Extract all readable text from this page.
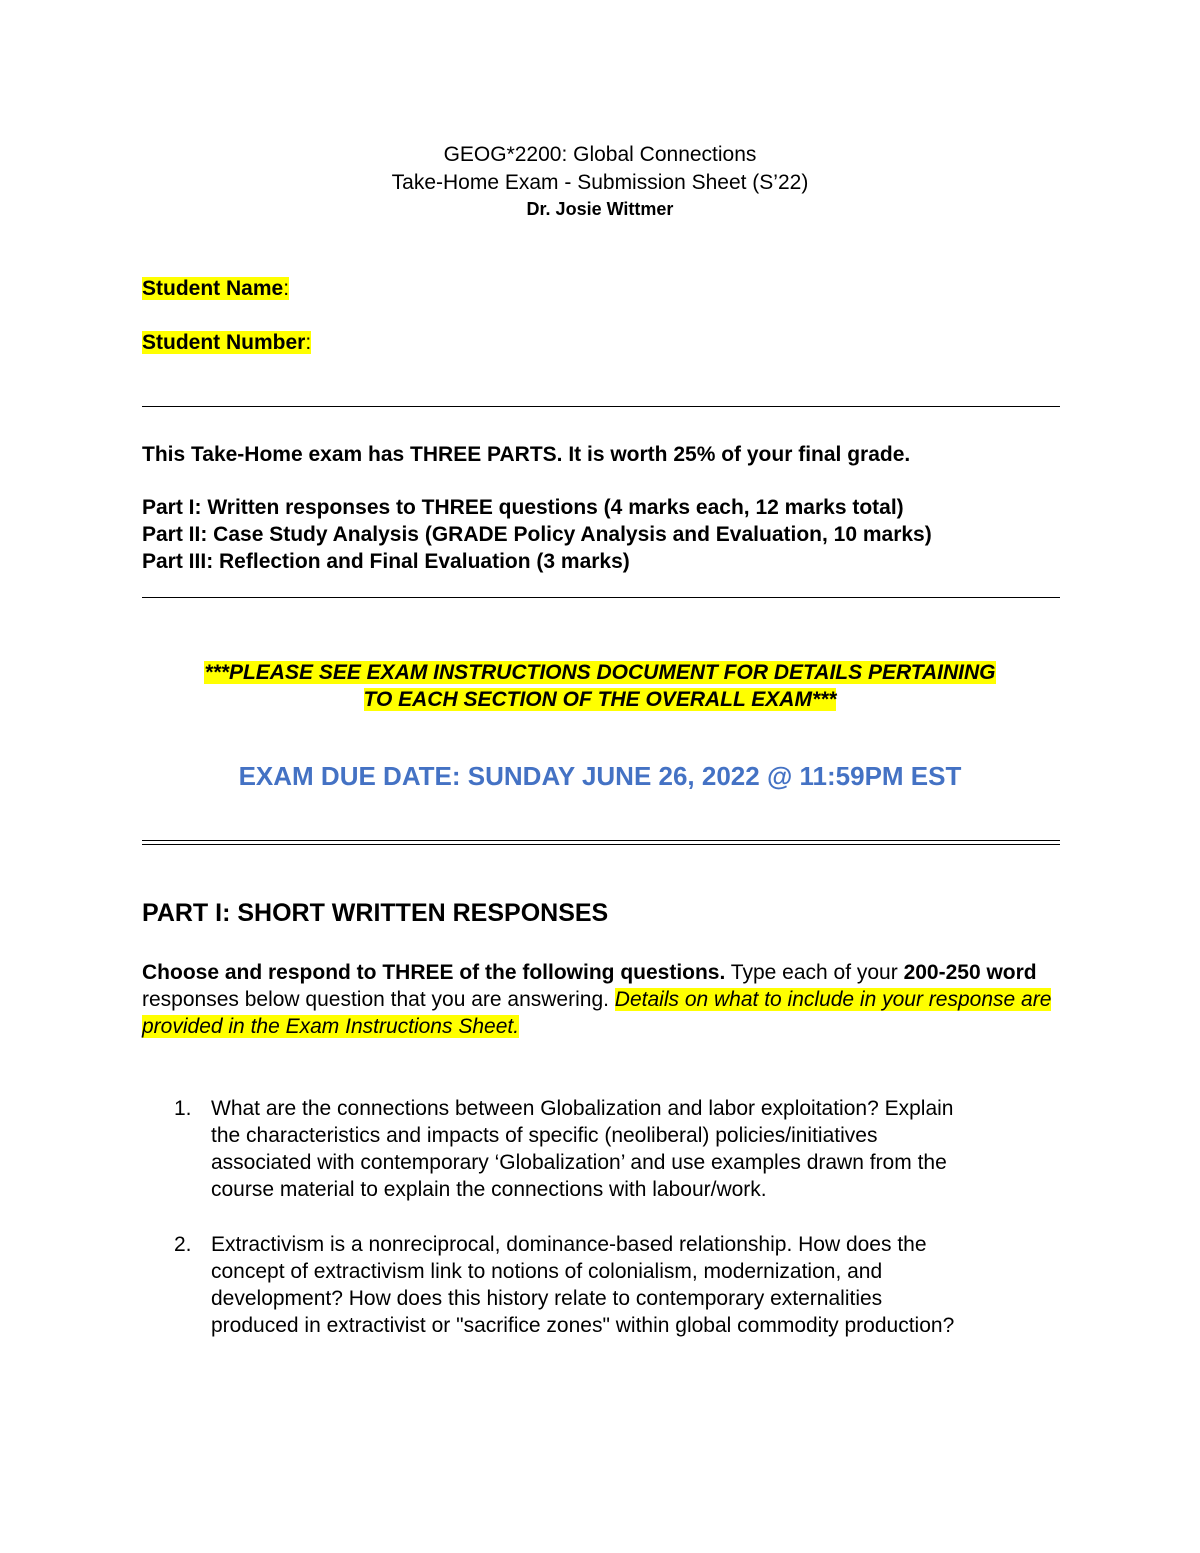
GEOG*2200: Global Connections
Take-Home Exam - Submission Sheet (S’22)
Dr. Josie Wittmer
Student Name:
Student Number:
This Take-Home exam has THREE PARTS. It is worth 25% of your final grade.
Part I: Written responses to THREE questions (4 marks each, 12 marks total)
Part II: Case Study Analysis (GRADE Policy Analysis and Evaluation, 10 marks)
Part III: Reflection and Final Evaluation (3 marks)
***PLEASE SEE EXAM INSTRUCTIONS DOCUMENT FOR DETAILS PERTAINING
TO EACH SECTION OF THE OVERALL EXAM***
EXAM DUE DATE: SUNDAY JUNE 26, 2022 @ 11:59PM EST
PART I: SHORT WRITTEN RESPONSES
Choose and respond to THREE of the following questions. Type each of your 200-250 word responses below question that you are answering. Details on what to include in your response are provided in the Exam Instructions Sheet.
1. What are the connections between Globalization and labor exploitation? Explain
the characteristics and impacts of specific (neoliberal) policies/initiatives
associated with contemporary ‘Globalization’ and use examples drawn from the
course material to explain the connections with labour/work.
2. Extractivism is a nonreciprocal, dominance-based relationship. How does the
concept of extractivism link to notions of colonialism, modernization, and
development? How does this history relate to contemporary externalities
produced in extractivist or "sacrifice zones" within global commodity production?
